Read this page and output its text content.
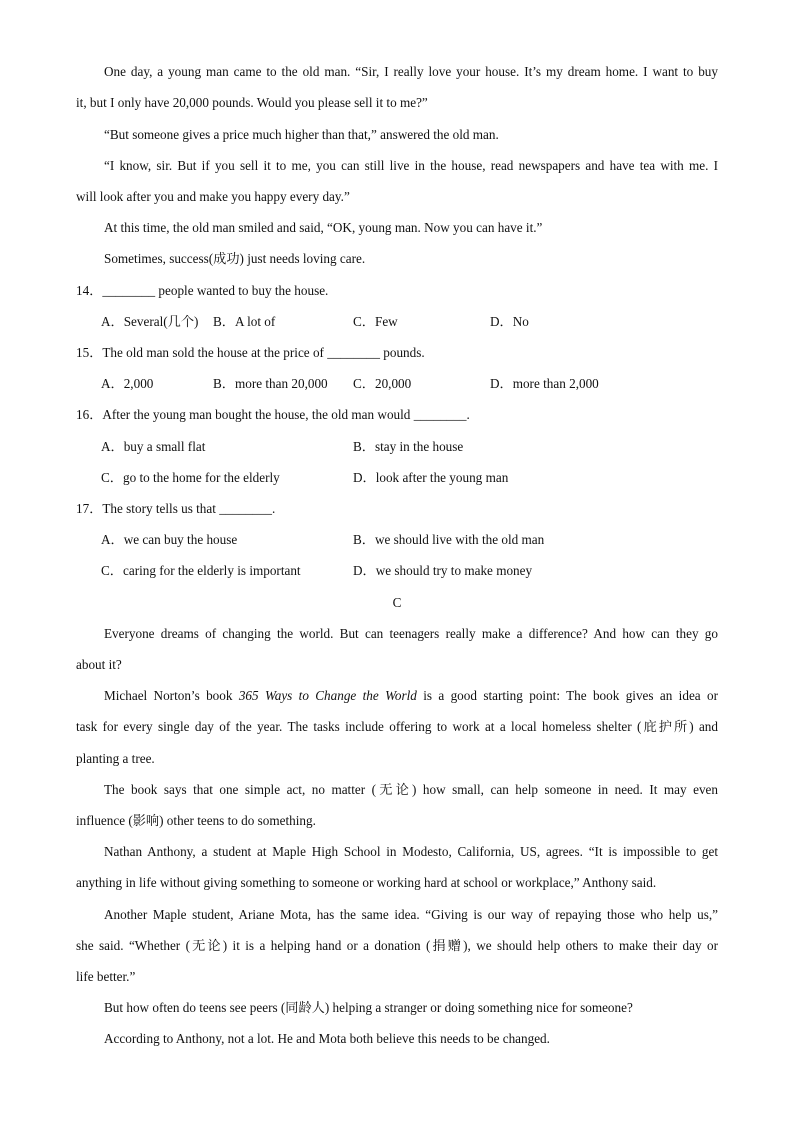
One day, a young man came to the old man. “Sir, I really love your house. It’s my dream home. I want to buy
it, but I only have 20,000 pounds. Would you please sell it to me?”
“But someone gives a price much higher than that,” answered the old man.
“I know, sir. But if you sell it to me, you can still live in the house, read newspapers and have tea with me. I
will look after you and make you happy every day.”
At this time, the old man smiled and said, “OK, young man. Now you can have it.”
Sometimes, success(成功) just needs loving care.
14．________ people wanted to buy the house.
A．Several(几个) B．A lot of	C．Few	D．No
15．The old man sold the house at the price of ________ pounds.
A．2,000	B．more than 20,000 C．20,000	D．more than 2,000
16．After the young man bought the house, the old man would ________.
A．buy a small flat	B．stay in the house
C．go to the home for the elderly	D．look after the young man
17．The story tells us that ________.
A．we can buy the house	B．we should live with the old man
C．caring for the elderly is important	D．we should try to make money
C
Everyone dreams of changing the world. But can teenagers really make a difference? And how can they go
about it?
Michael Norton’s book 365 Ways to Change the World is a good starting point: The book gives an idea or
task for every single day of the year. The tasks include offering to work at a local homeless shelter (庇护所) and
planting a tree.
The book says that one simple act, no matter (无论) how small, can help someone in need. It may even
influence (影响) other teens to do something.
Nathan Anthony, a student at Maple High School in Modesto, California, US, agrees. “It is impossible to get
anything in life without giving something to someone or working hard at school or workplace,” Anthony said.
Another Maple student, Ariane Mota, has the same idea. “Giving is our way of repaying those who help us,”
she said. “Whether (无论) it is a helping hand or a donation (捐赠), we should help others to make their day or
life better.”
But how often do teens see peers (同龄人) helping a stranger or doing something nice for someone?
According to Anthony, not a lot. He and Mota both believe this needs to be changed.
